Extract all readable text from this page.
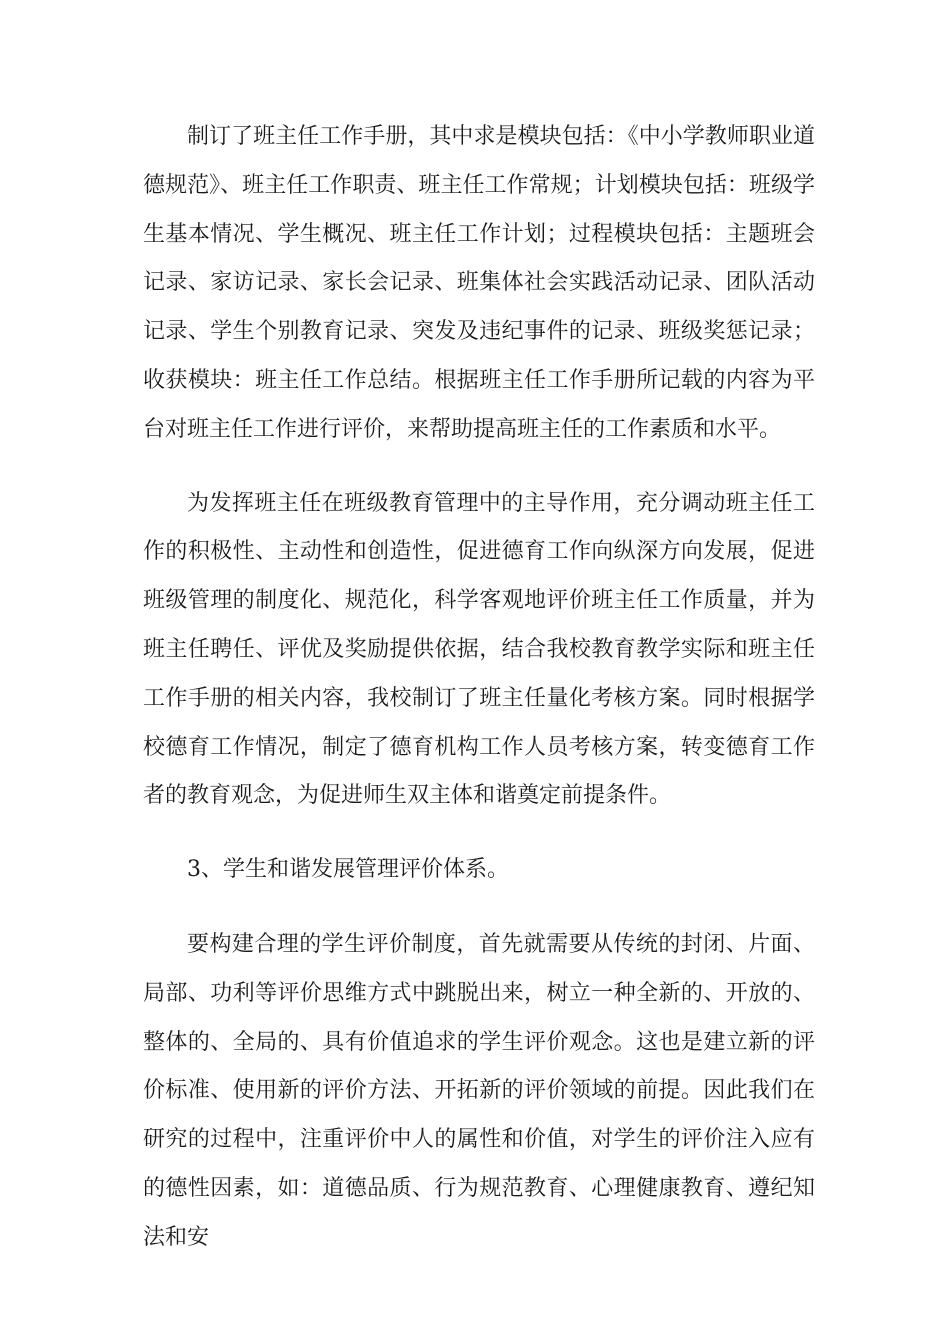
制订了班主任工作手册，其中求是模块包括：《中小学教师职业道德规范》、班主任工作职责、班主任工作常规；计划模块包括：班级学生基本情况、学生概况、班主任工作计划；过程模块包括：主题班会记录、家访记录、家长会记录、班集体社会实践活动记录、团队活动记录、学生个别教育记录、突发及违纪事件的记录、班级奖惩记录；收获模块：班主任工作总结。根据班主任工作手册所记载的内容为平台对班主任工作进行评价，来帮助提高班主任的工作素质和水平。

为发挥班主任在班级教育管理中的主导作用，充分调动班主任工作的积极性、主动性和创造性，促进德育工作向纵深方向发展，促进班级管理的制度化、规范化，科学客观地评价班主任工作质量，并为班主任聘任、评优及奖励提供依据，结合我校教育教学实际和班主任工作手册的相关内容，我校制订了班主任量化考核方案。同时根据学校德育工作情况，制定了德育机构工作人员考核方案，转变德育工作者的教育观念，为促进师生双主体和谐奠定前提条件。

3、学生和谐发展管理评价体系。

要构建合理的学生评价制度，首先就需要从传统的封闭、片面、局部、功利等评价思维方式中跳脱出来，树立一种全新的、开放的、整体的、全局的、具有价值追求的学生评价观念。这也是建立新的评价标准、使用新的评价方法、开拓新的评价领域的前提。因此我们在研究的过程中，注重评价中人的属性和价值，对学生的评价注入应有的德性因素，如：道德品质、行为规范教育、心理健康教育、遵纪知法和安
